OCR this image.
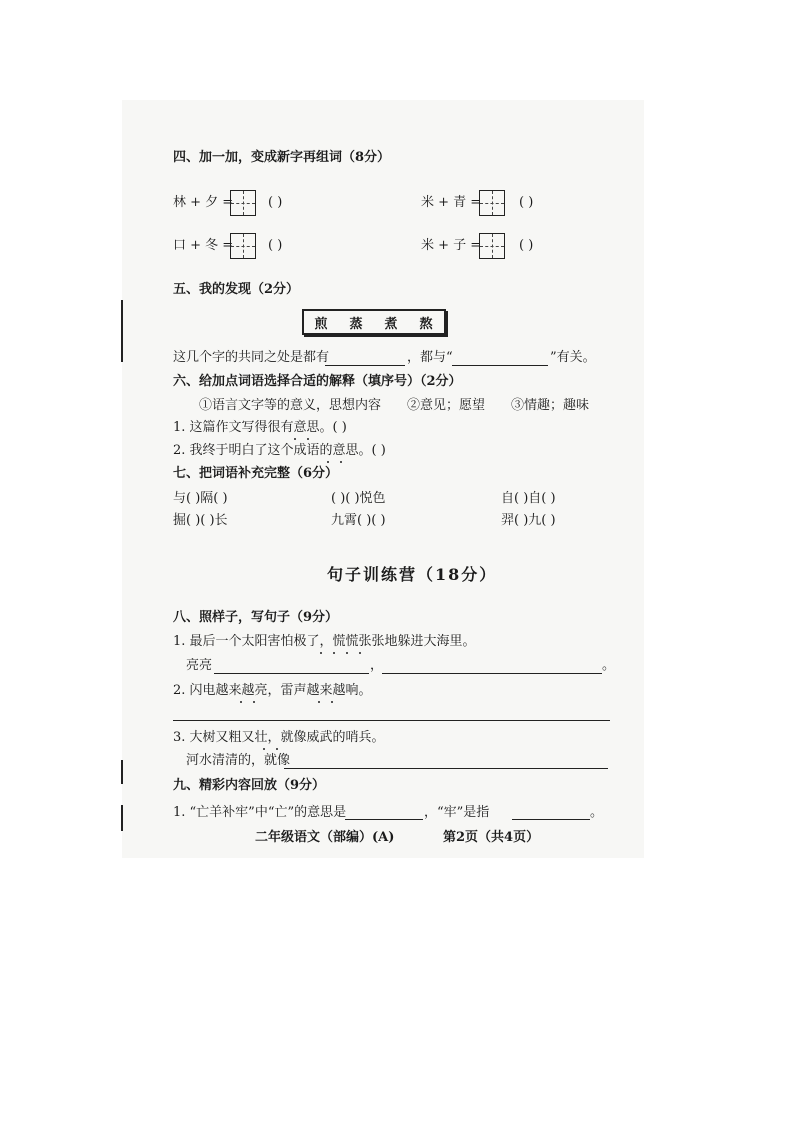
四、加一加，变成新字再组词（8分）
林 + 夕 =	( )	米 + 青 =	( )
口 + 冬 =	( )	米 + 子 =	( )
五、我的发现（2分）
煎 蒸 煮 熬
这几个字的共同之处是都有	，都与“	”有关。
六、给加点词语选择合适的解释（填序号）（2分）
①语言文字等的意义，思想内容　　②意见；愿望　　③情趣；趣味
1. 这篇作文写得很有意思。( )
2. 我终于明白了这个成语的意思。( )
七、把词语补充完整（6分）
与( )隔( )	( )( )悦色	自( )自( )
掘( )( )长	九霄( )( )	羿( )九( )
句子训练营（18分）
八、照样子，写句子（9分）
1. 最后一个太阳害怕极了，慌慌张张地躲进大海里。
亮亮	，	。
2. 闪电越来越亮，雷声越来越响。
3. 大树又粗又壮，就像威武的哨兵。
河水清清的，就像
九、精彩内容回放（9分）
1. “亡羊补牢”中“亡”的意思是	，“牢”是指	。
二年级语文（部编）(A)	第2页（共4页）
